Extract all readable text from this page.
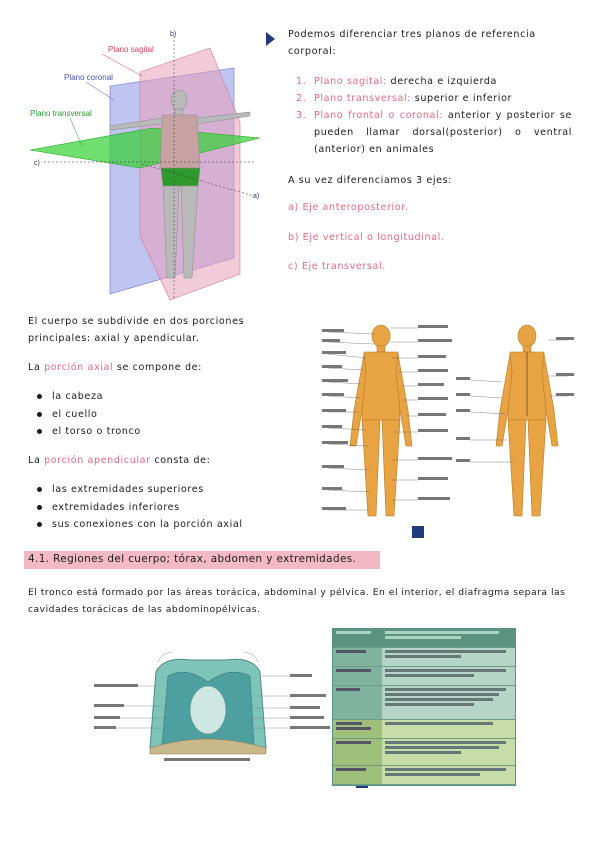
Plano sagital
Plano coronal
Plano transversal
b)
c)
a)
Podemos diferenciar tres planos de referencia corporal:
1. Plano sagital: derecha e izquierda
2. Plano transversal: superior e inferior
3. Plano frontal o coronal: anterior y posterior se pueden llamar dorsal(posterior) o ventral (anterior) en animales
A su vez diferenciamos 3 ejes:
a) Eje anteroposterior.
b) Eje vertical o longitudinal.
c) Eje transversal.
El cuerpo se subdivide en dos porciones principales: axial y apendicular.
La porción axial se compone de:
la cabeza
el cuello
el torso o tronco
La porción apendicular consta de:
las extremidades superiores
extremidades inferiores
sus conexiones con la porción axial
4.1. Regiones del cuerpo; tórax, abdomen y extremidades.
El tronco está formado por las áreas torácica, abdominal y pélvica. En el interior, el diafragma separa las cavidades torácicas de las abdominopélvicas.
